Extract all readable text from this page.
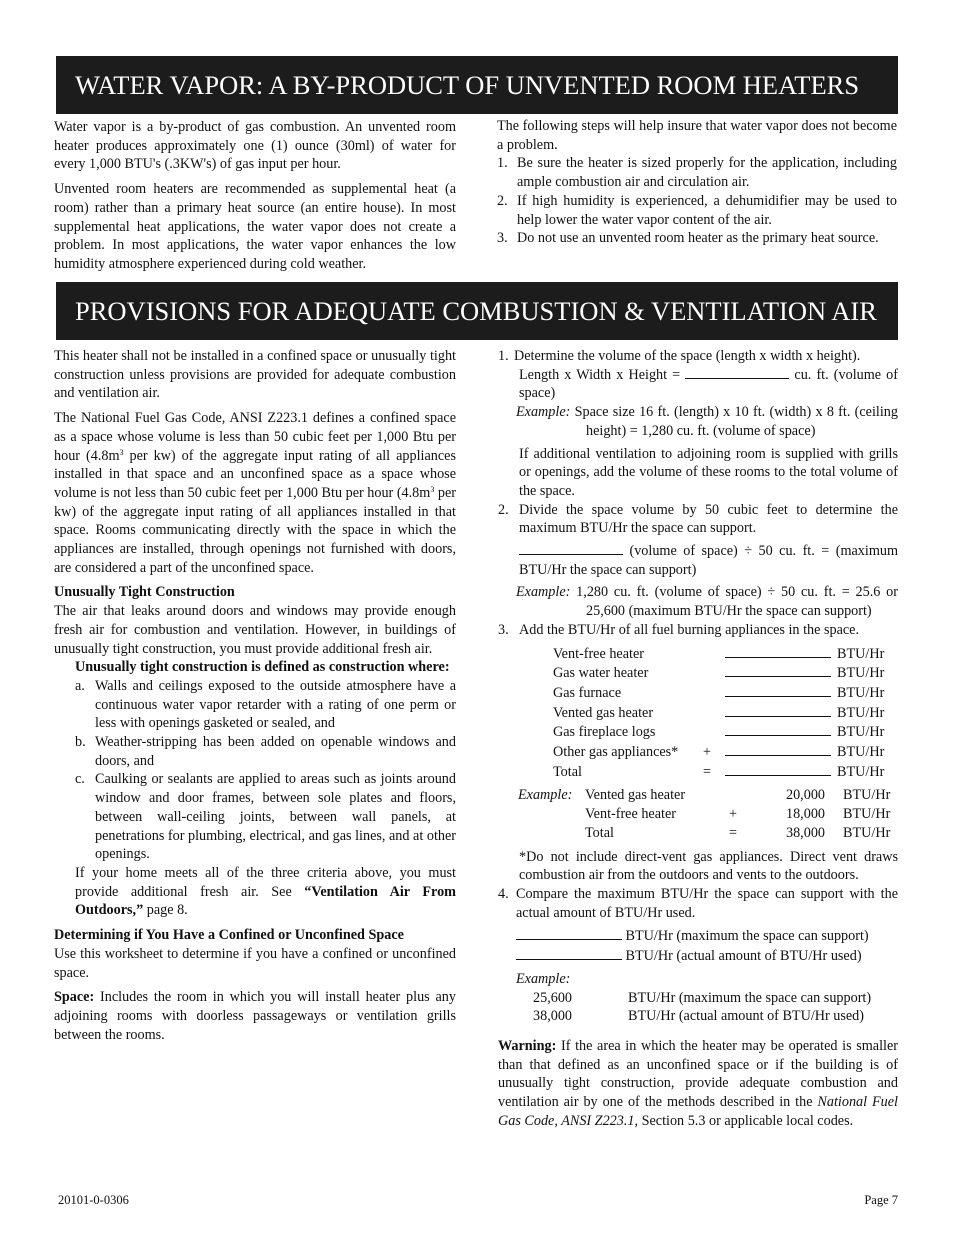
WATER VAPOR: A BY-PRODUCT OF UNVENTED ROOM HEATERS

Water vapor is a by-product of gas combustion. An unvented room heater produces approximately one (1) ounce (30ml) of water for every 1,000 BTU's (.3KW's) of gas input per hour.

Unvented room heaters are recommended as supplemental heat (a room) rather than a primary heat source (an entire house). In most supplemental heat applications, the water vapor does not create a problem. In most applications, the water vapor enhances the low humidity atmosphere experienced during cold weather.

The following steps will help insure that water vapor does not become a problem.

1. Be sure the heater is sized properly for the application, including ample combustion air and circulation air.
2. If high humidity is experienced, a dehumidifier may be used to help lower the water vapor content of the air.
3. Do not use an unvented room heater as the primary heat source.
PROVISIONS FOR ADEQUATE COMBUSTION & VENTILATION AIR

This heater shall not be installed in a confined space or unusually tight construction unless provisions are provided for adequate combustion and ventilation air.

The National Fuel Gas Code, ANSI Z223.1 defines a confined space as a space whose volume is less than 50 cubic feet per 1,000 Btu per hour ($4.8m^3$ per kw) of the aggregate input rating of all appliances installed in that space and an unconfined space as a space whose volume is not less than 50 cubic feet per 1,000 Btu per hour ($4.8m^3$ per kw) of the aggregate input rating of all appliances installed in that space. Rooms communicating directly with the space in which the appliances are installed, through openings not furnished with doors, are considered a part of the unconfined space.

Unusually Tight Construction

The air that leaks around doors and windows may provide enough fresh air for combustion and ventilation. However, in buildings of unusually tight construction, you must provide additional fresh air.

Unusually tight construction is defined as construction where:

a. Walls and ceilings exposed to the outside atmosphere have a continuous water vapor retarder with a rating of one perm or less with openings gasketed or sealed, and
b. Weather-stripping has been added on openable windows and doors, and
c. Caulking or sealants are applied to areas such as joints around window and door frames, between sole plates and floors, between wall-ceiling joints, between wall panels, at penetrations for plumbing, electrical, and gas lines, and at other openings.

If your home meets all of the three criteria above, you must provide additional fresh air. See “Ventilation Air From Outdoors,” page 8.

Determining if You Have a Confined or Unconfined Space

Use this worksheet to determine if you have a confined or unconfined space.

Space: Includes the room in which you will install heater plus any adjoining rooms with doorless passageways or ventilation grills between the rooms.

1. Determine the volume of the space (length x width x height).

Length x Width x Height =	cu. ft. (volume of space)

Example: Space size 16 ft. (length) x 10 ft. (width) x 8 ft. (ceiling height) = 1,280 cu. ft. (volume of space)

If additional ventilation to adjoining room is supplied with grills or openings, add the volume of these rooms to the total volume of the space.

2. Divide the space volume by 50 cubic feet to determine the maximum BTU/Hr the space can support.

(volume of space) ÷ 50 cu. ft. = (maximum BTU/Hr the space can support)

Example: 1,280 cu. ft. (volume of space) ÷ 50 cu. ft. = 25.6 or 25,600 (maximum BTU/Hr the space can support)

3. Add the BTU/Hr of all fuel burning appliances in the space.
Vent-free heater			BTU/Hr
Gas water heater			BTU/Hr
Gas furnace			BTU/Hr
Vented gas heater			BTU/Hr
Gas fireplace logs			BTU/Hr
Other gas appliances*	+		BTU/Hr
Total	=		BTU/Hr
Example:	Vented gas heater		20,000	BTU/Hr
	Vent-free heater	+	18,000	BTU/Hr
	Total	=	38,000	BTU/Hr

*Do not include direct-vent gas appliances. Direct vent draws combustion air from the outdoors and vents to the outdoors.

4. Compare the maximum BTU/Hr the space can support with the actual amount of BTU/Hr used.
BTU/Hr (maximum the space can support)
BTU/Hr (actual amount of BTU/Hr used)
Example:
25,600	BTU/Hr (maximum the space can support)
38,000	BTU/Hr (actual amount of BTU/Hr used)

Warning: If the area in which the heater may be operated is smaller than that defined as an unconfined space or if the building is of unusually tight construction, provide adequate combustion and ventilation air by one of the methods described in the National Fuel Gas Code, ANSI Z223.1, Section 5.3 or applicable local codes.

20101-0-0306	Page 7
